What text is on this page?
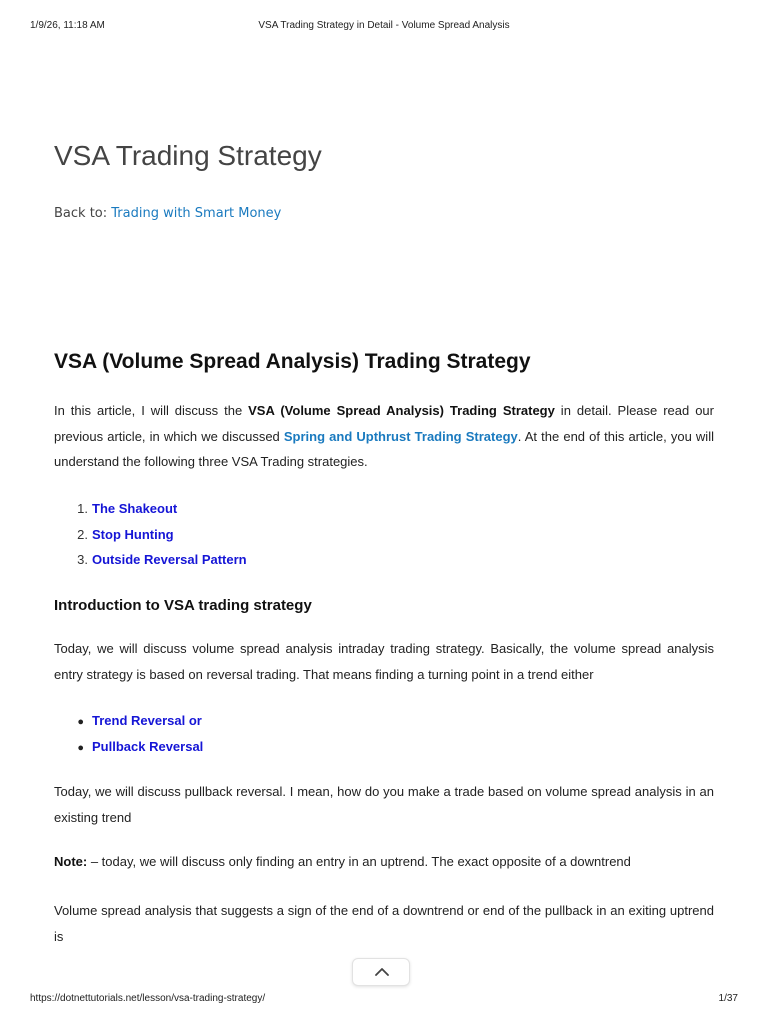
1/9/26, 11:18 AM	VSA Trading Strategy in Detail - Volume Spread Analysis
VSA Trading Strategy
Back to: Trading with Smart Money
VSA (Volume Spread Analysis) Trading Strategy

In this article, I will discuss the VSA (Volume Spread Analysis) Trading Strategy in detail. Please read our previous article, in which we discussed Spring and Upthrust Trading Strategy. At the end of this article, you will understand the following three VSA Trading strategies.

1. The Shakeout
2. Stop Hunting
3. Outside Reversal Pattern
Introduction to VSA trading strategy

Today, we will discuss volume spread analysis intraday trading strategy. Basically, the volume spread analysis entry strategy is based on reversal trading. That means finding a turning point in a trend either

● Trend Reversal or
● Pullback Reversal

Today, we will discuss pullback reversal. I mean, how do you make a trade based on volume spread analysis in an existing trend

Note: – today, we will discuss only finding an entry in an uptrend. The exact opposite of a downtrend

Volume spread analysis that suggests a sign of the end of a downtrend or end of the pullback in an exiting uptrend is

https://dotnettutorials.net/lesson/vsa-trading-strategy/	1/37
